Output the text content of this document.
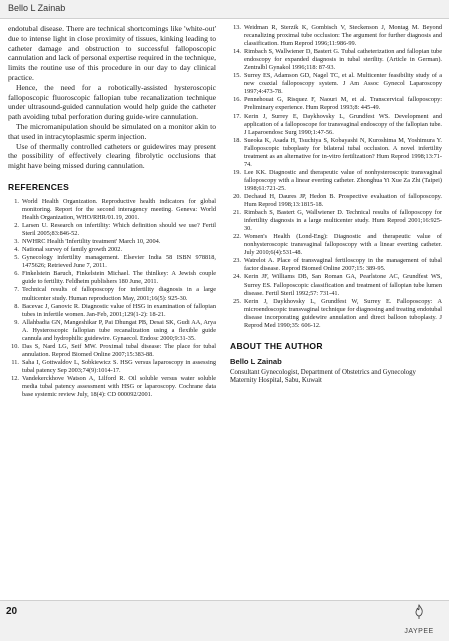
Bello L Zainab

endotubal disease. There are technical shortcomings like 'white-out' due to intense light in close proximity of tissues, kinking leading to catheter damage and obstruction to successful falloposcopic cannulation and lack of personal expertise required in the technique, limits the routine use of this procedure in our day to day clinical practice.

Hence, the need for a robotically-assisted hysteroscopic falloposcopic fluoroscopic fallopian tube recanalization technique under ultrasound-guided cannulation would help guide the catheter path avoiding tubal perforation during guide-wire cannulation.

The micromanipulation should be simulated on a monitor akin to that used in intracytoplasmic sperm injection.

Use of thermally controlled catheters or guidewires may present the possibility of effectively clearing fibrolytic occlusions that might have being missed during cannulation.

REFERENCES
1. World Health Organization. Reproductive health indicators for global monitoring. Report for the second interagency meeting. Geneva: World Health Organization, WHO/RHR/01.19, 2001.
2. Larsen U. Research on infertility: Which definition should we use? Fertil Steril 2005;83:846-52.
3. NWHRC Health 'Infertility treatment' March 10, 2004.
4. National survey of family growth 2002.
5. Gynecology infertility management. Elsevier India 58 ISBN 978818, 1475626; Retrieved June 7, 2011.
6. Finkelstein Baruch, Finkelstein Michael. The thinlkey: A Jewish couple guide to fertility. Feldheim publishers 180 June, 2011.
7. Technical results of falloposcopy for infertility diagnosis in a large multicenter study. Human reproduction May, 2001;16(5): 925-30.
8. Bacevac J, Ganovic R. Diagnostic value of HSG in examination of fallopian tubes in infertile women. Jan-Feb, 2001;129(1-2): 18-21.
9. Allahbadia GN, Mangeshikar P, Pai Dhungat PB, Desai SK, Gudi AA, Arya A. Hysteroscopic fallopian tube recanalization using a flexible guide cannula and hydrophilic guidewire. Gynaecol. Endosc 2000;9:31-35.
10. Das S, Nard LG, Seif MW. Proximal tubal disease: The place for tubal annulation. Reprod Biomed Online 2007;15:383-88.
11. Saha I, Gottwaldov L, Sobkiewicz S. HSG versus laparoscopy in assessing tubal patency Sep 2003;74(9):1014-17.
12. Vandekerckhove Watson A, Lilford R. Oil soluble versus water soluble media tubal patency assessment with HSG or laparoscopy. Cochrane data base systemic review July, 18(4): CD 000092/2001.
13. Weidman R, Sterzik K, Gombisch V, Steckenson J, Montag M. Beyond recanalizing proximal tube occlusion: The argument for further diagnosis and classification. Hum Reprod 1996;11:986-99.
14. Rimbach S, Wallwiener D, Bastert G. Tubal catheterization and fallopian tube endoscopy for expanded diagnosis in tubal sterility. (Article in German). Zentralbl Gynakol 1996;118: 87-93.
15. Surrey ES, Adamson GD, Nagel TC, et al. Multicenter feasibility study of a new coaxial falloposcopy system. J Am Assoc Gynecol Laparoscopy 1997;4:473-78.
16. Pennehouat G, Risquez F, Naouri M, et al. Transcervical falloposcopy: Preliminary experience. Hum Reprod 1993;8: 445-49.
17. Kerin J, Surrey E, Daykhovsky L, Grundfest WS. Development and application of a falloposcope for transvaginal endoscopy of the fallopian tube. J Laparoendosc Surg 1990;1:47-56.
18. Sueoka K, Asada H, Tsuchiya S, Kobayashi N, Kuroshima M, Yoshimura Y. Falloposcopic tuboplasty for bilateral tubal occlusion. A novel infertility treatment as an alternative for in-vitro fertilization? Hum Reprod 1998;13:71-74.
19. Lee KK. Diagnostic and therapeutic value of nonhysteroscopic transvaginal falloposcopy with a linear everting catheter. Zhonghua Yi Xue Za Zhi (Taipei) 1998;61:721-25.
20. Dechaud H, Daures JP, Hedon B. Prospective evaluation of falloposcopy. Hum Reprod 1998;13:1815-18.
21. Rimbach S, Bastert G, Wallwiener D. Technical results of falloposcopy for infertility diagnosis in a large multicenter study. Hum Reprod 2001;16:925-30.
22. Women's Health (Lond-Eng): Diagnostic and therapeutic value of nonhysteroscopic transvaginal falloposcopy with a linear everting catheter. July 2010;6(4):531-48.
23. Watrelot A. Place of transvaginal fertiloscopy in the management of tubal factor disease. Reprod Biomed Online 2007;15: 389-95.
24. Kerin JF, Williams DB, San Roman GA, Pearlstone AC, Grundfest WS, Surrey ES. Falloposcopic classification and treatment of fallopian tube lumen disease. Fertil Steril 1992;57: 731-41.
25. Kerin J, Daykhovsky L, Grundfest W, Surrey E. Falloposcopy: A microendoscopic transvaginal technique for diagnosing and treating endotubal disease incorporating guidewire annulation and direct balloon tuboplasty. J Reprod Med 1990;35: 606-12.
ABOUT THE AUTHOR

Bello L Zainab

Consultant Gynecologist, Department of Obstetrics and Gynecology Maternity Hospital, Sabu, Kuwait

20
JAYPEE
